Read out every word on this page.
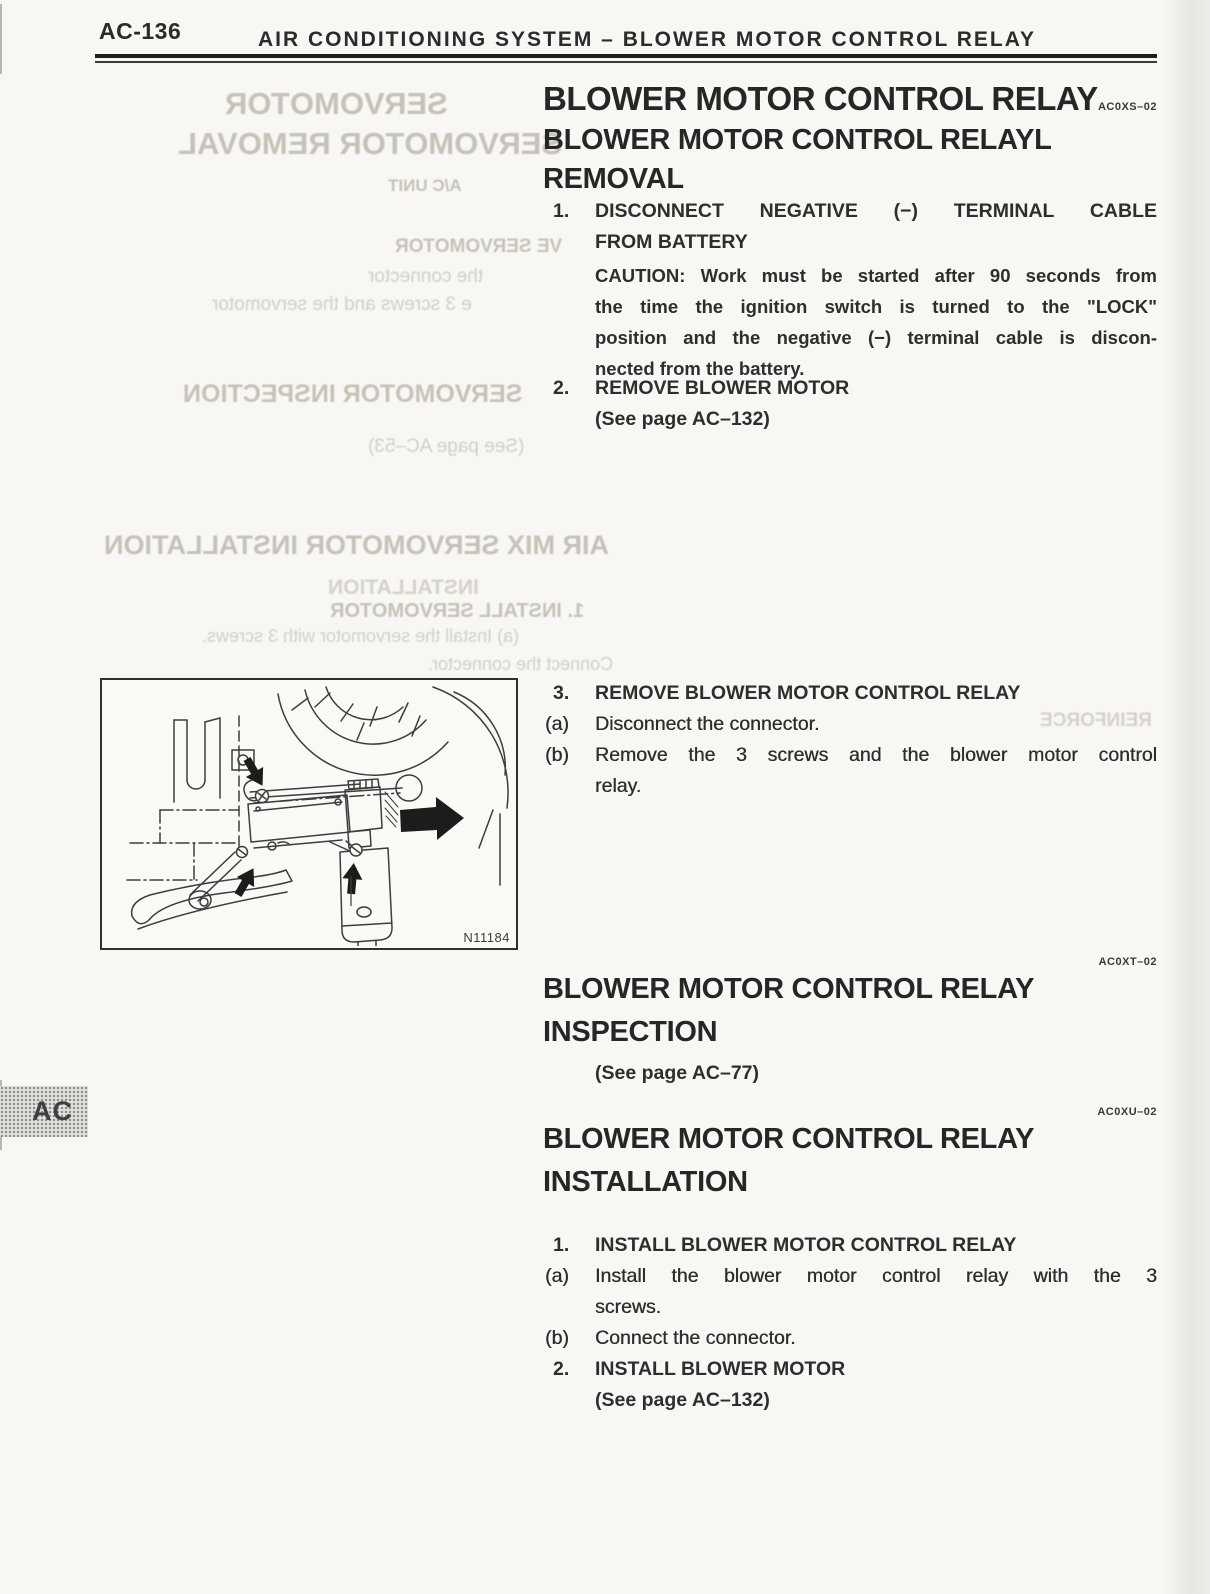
SERVOMOTOR
SERVOMOTOR REMOVAL
A/C UNIT
VE SERVOMOTOR
the connector
e 3 screws and the servomotor
SERVOMOTOR INSPECTION
(See page AC–53)
AIR MIX SERVOMOTOR INSTALLATION
INSTALLATION
1. INSTALL SERVOMOTOR
(a) Install the servomotor with 3 screws.
Connect the connector.
REINFORCE
AC-136	AIR CONDITIONING SYSTEM – BLOWER MOTOR CONTROL RELAY
BLOWER MOTOR CONTROL RELAY
BLOWER MOTOR CONTROL RELAYL
REMOVAL
AC0XS–02
1. DISCONNECT NEGATIVE (−) TERMINAL CABLE
FROM BATTERY
CAUTION: Work must be started after 90 seconds from
the time the ignition switch is turned to the "LOCK"
position and the negative (−) terminal cable is discon-
nected from the battery.
2. REMOVE BLOWER MOTOR
(See page AC–132)
3. REMOVE BLOWER MOTOR CONTROL RELAY
(a) Disconnect the connector.
(b) Remove the 3 screws and the blower motor control
relay.
N11184
AC0XT–02
BLOWER MOTOR CONTROL RELAY
INSPECTION
(See page AC–77)
AC	AC0XU–02
BLOWER MOTOR CONTROL RELAY
INSTALLATION
1. INSTALL BLOWER MOTOR CONTROL RELAY
(a) Install the blower motor control relay with the 3
screws.
(b) Connect the connector.
2. INSTALL BLOWER MOTOR
(See page AC–132)
